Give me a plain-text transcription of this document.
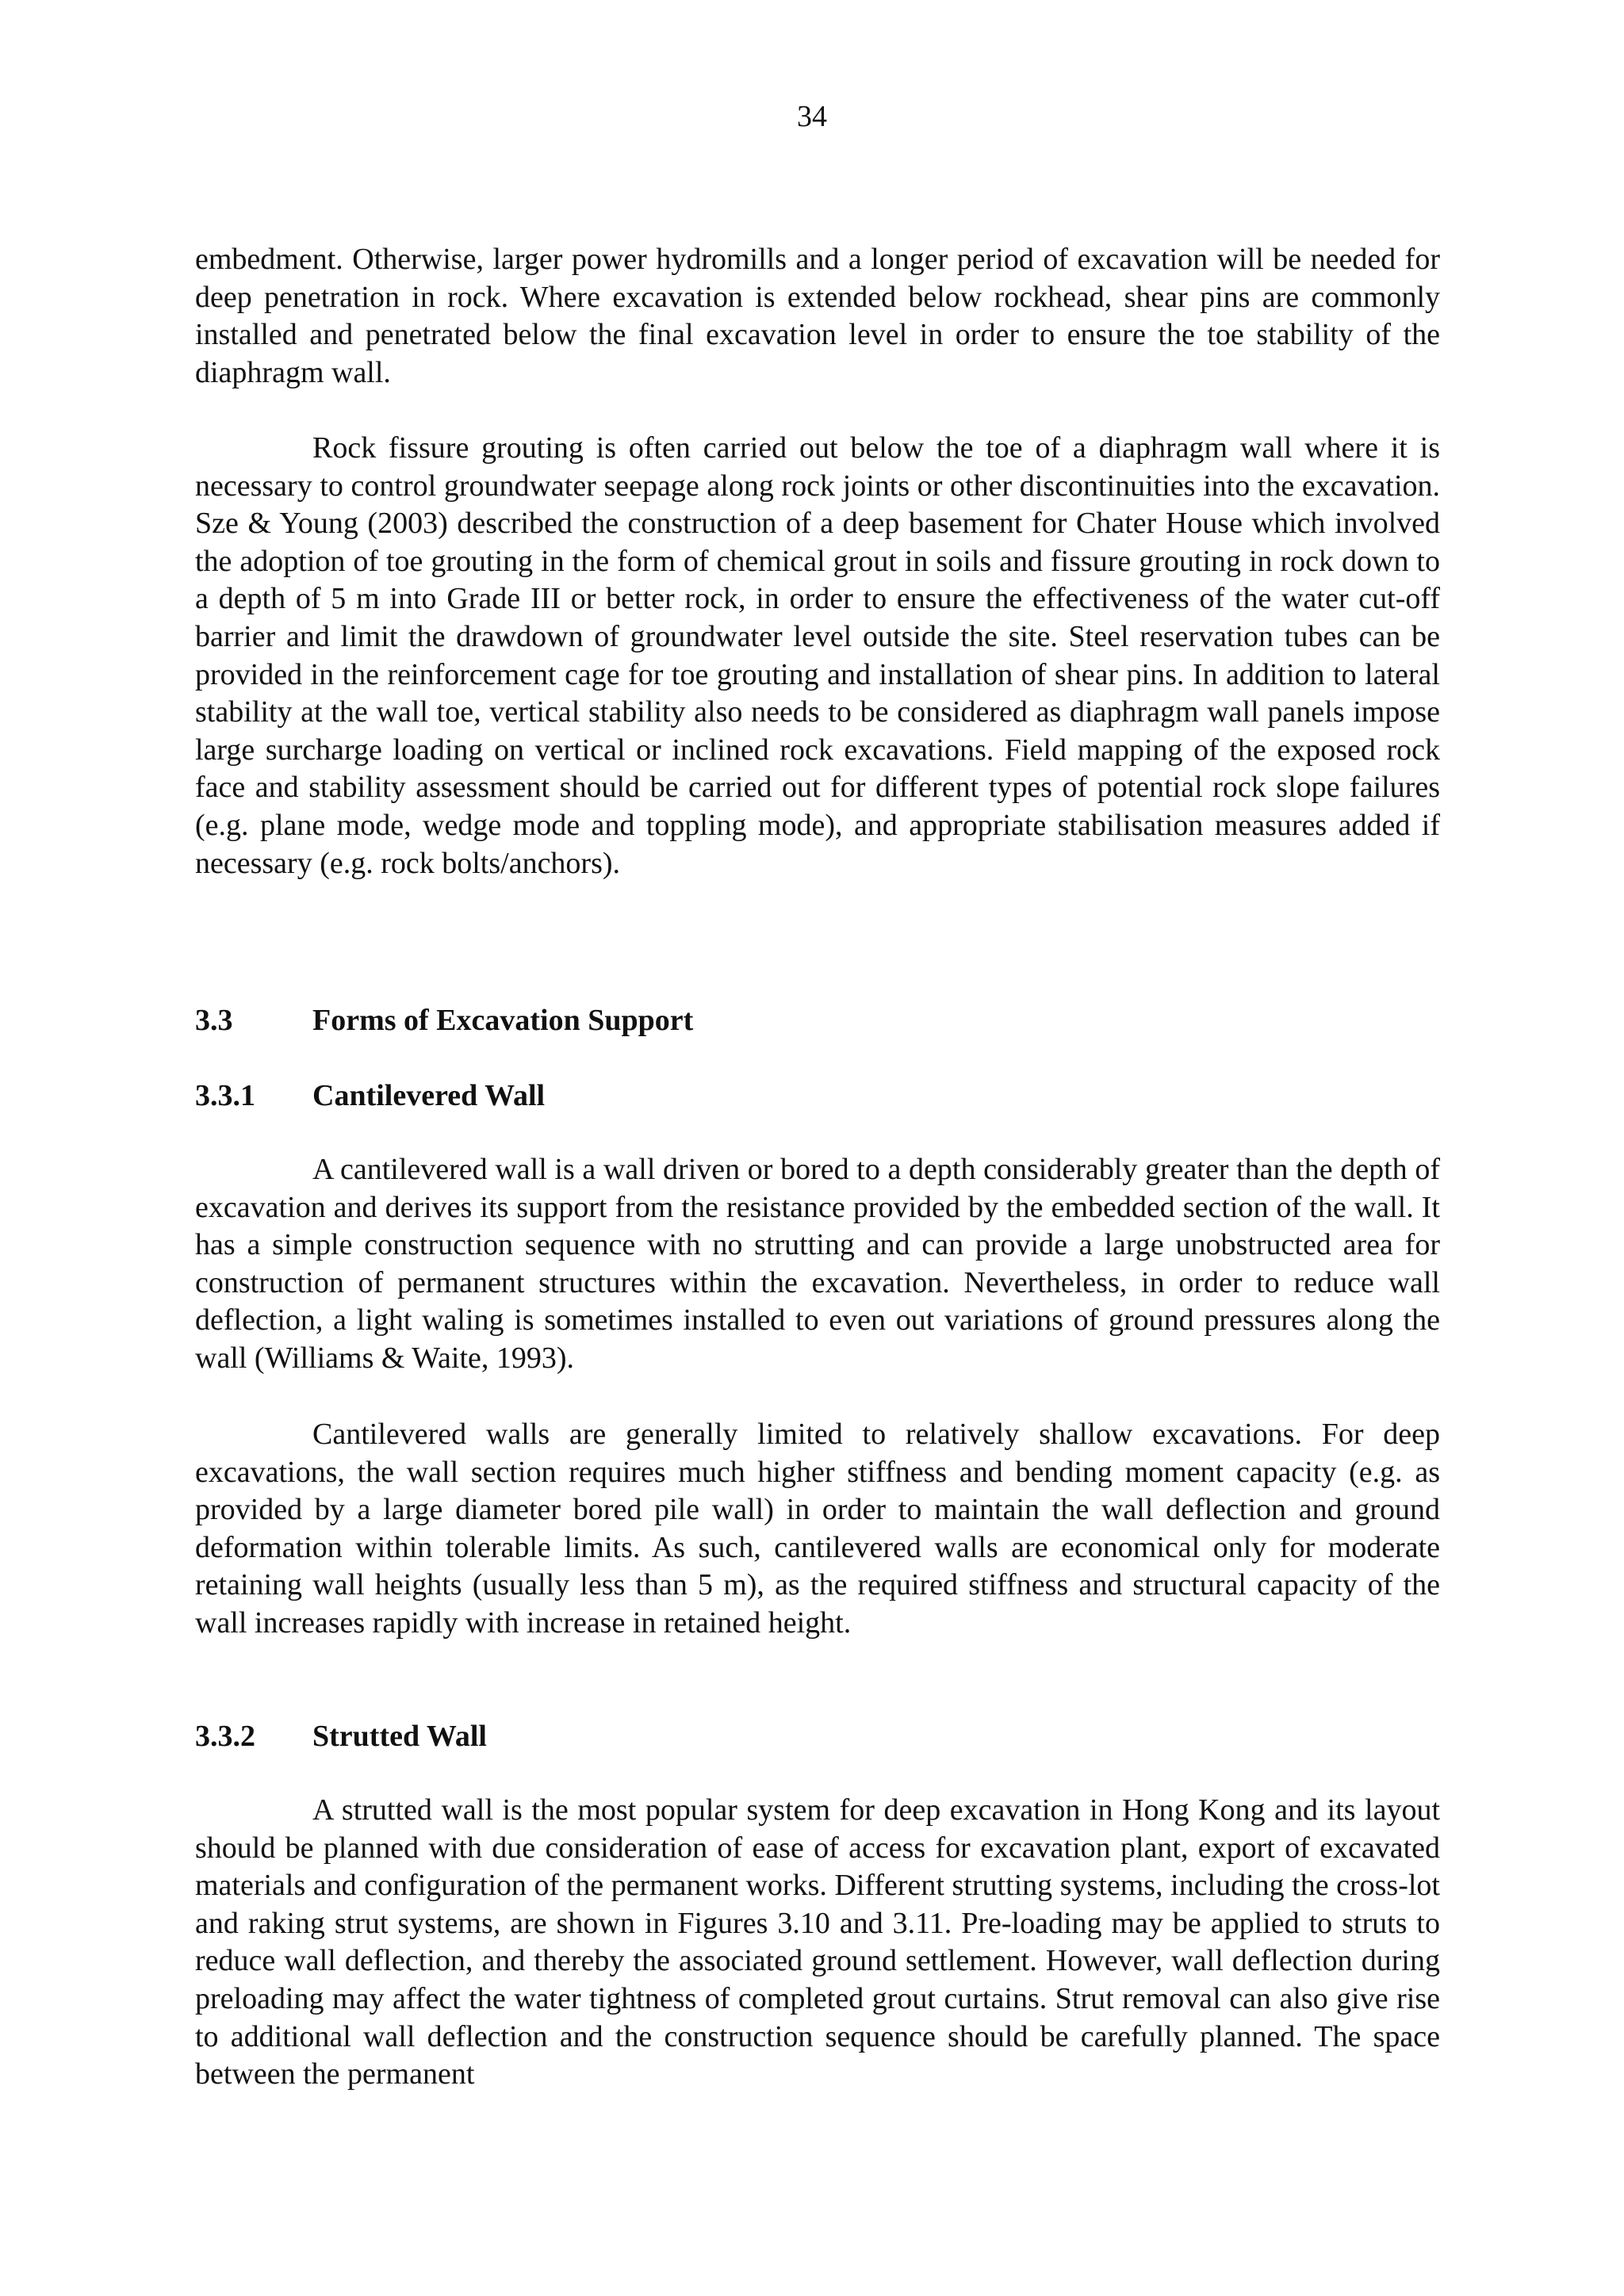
34

embedment. Otherwise, larger power hydromills and a longer period of excavation will be needed for deep penetration in rock. Where excavation is extended below rockhead, shear pins are commonly installed and penetrated below the final excavation level in order to ensure the toe stability of the diaphragm wall.

Rock fissure grouting is often carried out below the toe of a diaphragm wall where it is necessary to control groundwater seepage along rock joints or other discontinuities into the excavation. Sze & Young (2003) described the construction of a deep basement for Chater House which involved the adoption of toe grouting in the form of chemical grout in soils and fissure grouting in rock down to a depth of 5 m into Grade III or better rock, in order to ensure the effectiveness of the water cut-off barrier and limit the drawdown of groundwater level outside the site. Steel reservation tubes can be provided in the reinforcement cage for toe grouting and installation of shear pins. In addition to lateral stability at the wall toe, vertical stability also needs to be considered as diaphragm wall panels impose large surcharge loading on vertical or inclined rock excavations. Field mapping of the exposed rock face and stability assessment should be carried out for different types of potential rock slope failures (e.g. plane mode, wedge mode and toppling mode), and appropriate stabilisation measures added if necessary (e.g. rock bolts/anchors).

3.3	Forms of Excavation Support
3.3.1 Cantilevered Wall

A cantilevered wall is a wall driven or bored to a depth considerably greater than the depth of excavation and derives its support from the resistance provided by the embedded section of the wall. It has a simple construction sequence with no strutting and can provide a large unobstructed area for construction of permanent structures within the excavation. Nevertheless, in order to reduce wall deflection, a light waling is sometimes installed to even out variations of ground pressures along the wall (Williams & Waite, 1993).

Cantilevered walls are generally limited to relatively shallow excavations. For deep excavations, the wall section requires much higher stiffness and bending moment capacity (e.g. as provided by a large diameter bored pile wall) in order to maintain the wall deflection and ground deformation within tolerable limits. As such, cantilevered walls are economical only for moderate retaining wall heights (usually less than 5 m), as the required stiffness and structural capacity of the wall increases rapidly with increase in retained height.

3.3.2 Strutted Wall

A strutted wall is the most popular system for deep excavation in Hong Kong and its layout should be planned with due consideration of ease of access for excavation plant, export of excavated materials and configuration of the permanent works. Different strutting systems, including the cross-lot and raking strut systems, are shown in Figures 3.10 and 3.11. Pre-loading may be applied to struts to reduce wall deflection, and thereby the associated ground settlement. However, wall deflection during preloading may affect the water tightness of completed grout curtains. Strut removal can also give rise to additional wall deflection and the construction sequence should be carefully planned. The space between the permanent
